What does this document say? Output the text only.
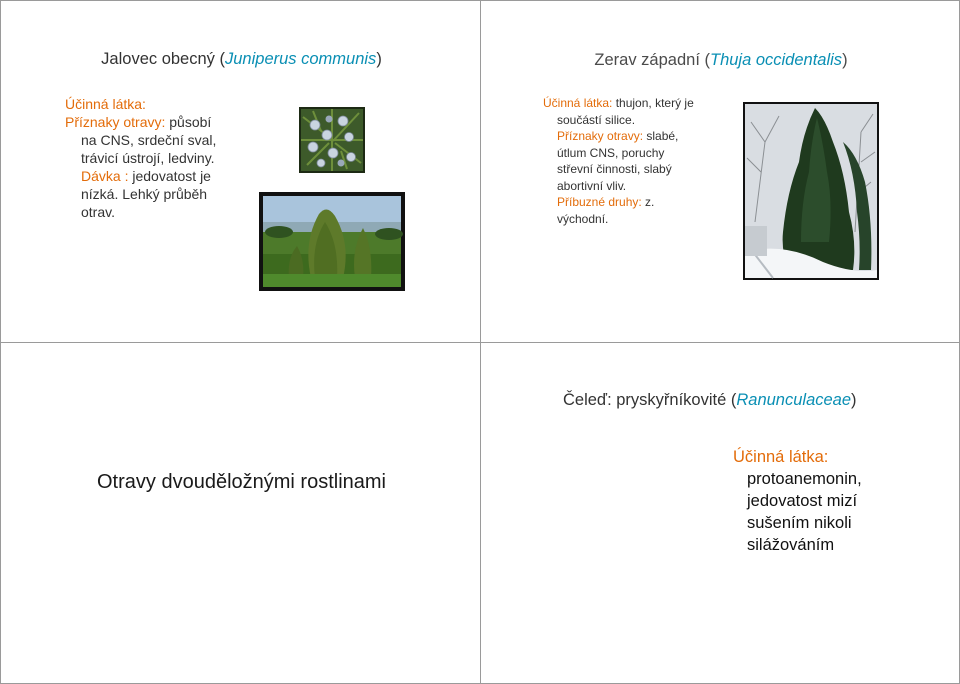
Jalovec obecný (Juniperus communis)
Účinná látka:
Příznaky otravy: působí
na CNS, srdeční sval,
trávicí ústrojí, ledviny.
Dávka : jedovatost je
nízká. Lehký průběh
otrav.
Zerav západní (Thuja occidentalis)
Účinná látka: thujon, který je
součástí silice.
Příznaky otravy: slabé,
útlum CNS, poruchy
střevní činnosti, slabý
abortivní vliv.
Příbuzné druhy: z.
východní.
Otravy dvouděložnými rostlinami
Čeleď: pryskyřníkovité (Ranunculaceae)
Účinná látka:
protoanemonin,
jedovatost mizí
sušením nikoli
silážováním
